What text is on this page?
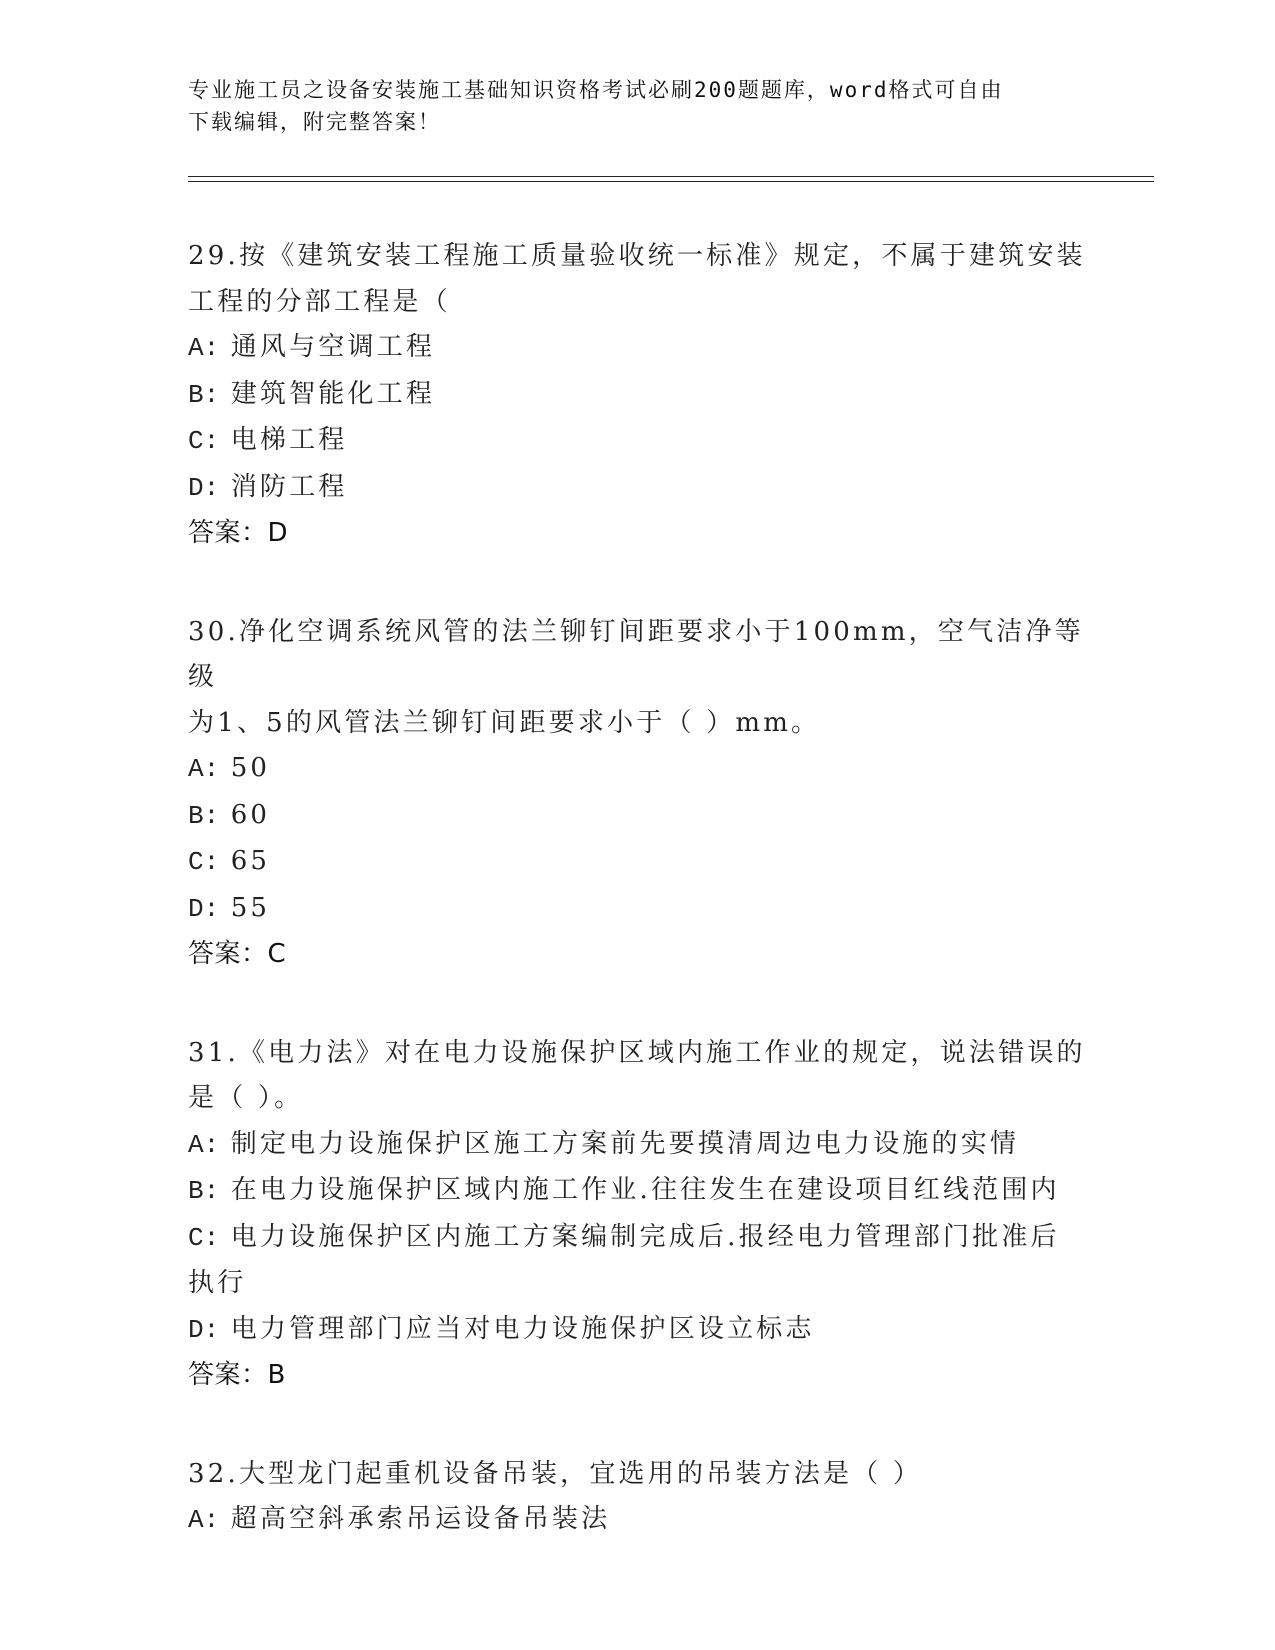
专业施工员之设备安装施工基础知识资格考试必刷200题题库，word格式可自由
下载编辑，附完整答案！

29.按《建筑安装工程施工质量验收统一标准》规定，不属于建筑安装

工程的分部工程是（

A: 通风与空调工程

B: 建筑智能化工程

C: 电梯工程

D: 消防工程

答案：D

30.净化空调系统风管的法兰铆钉间距要求小于100mm，空气洁净等级

为1、5的风管法兰铆钉间距要求小于（ ）mm。

A: 50

B: 60

C: 65

D: 55

答案：C

31.《电力法》对在电力设施保护区域内施工作业的规定，说法错误的

是（ ）。

A: 制定电力设施保护区施工方案前先要摸清周边电力设施的实情

B: 在电力设施保护区域内施工作业.往往发生在建设项目红线范围内

C: 电力设施保护区内施工方案编制完成后.报经电力管理部门批准后

执行

D: 电力管理部门应当对电力设施保护区设立标志

答案：B

32.大型龙门起重机设备吊装，宜选用的吊装方法是（ ）

A: 超高空斜承索吊运设备吊装法
